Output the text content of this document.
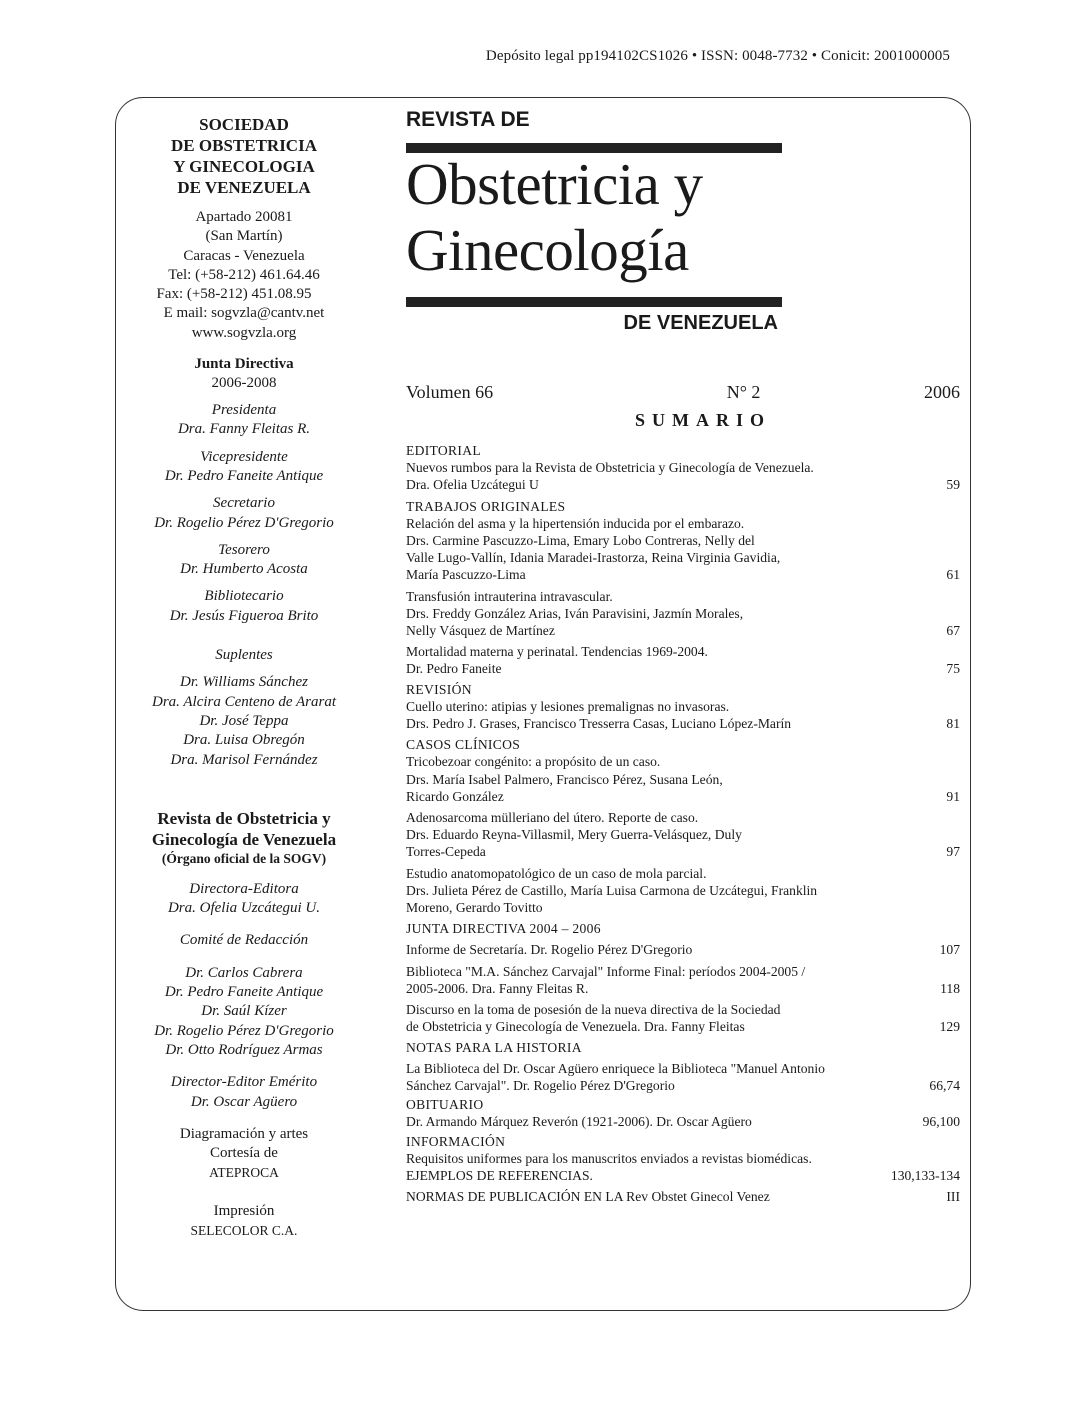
Depósito legal pp194102CS1026 • ISSN: 0048-7732 • Conicit: 2001000005
SOCIEDAD
DE OBSTETRICIA
Y GINECOLOGIA
DE VENEZUELA
Apartado 20081
(San Martín)
Caracas - Venezuela
Tel: (+58-212) 461.64.46
Fax: (+58-212) 451.08.95
E mail: sogvzla@cantv.net
www.sogvzla.org
Junta Directiva
2006-2008
Presidenta
Dra. Fanny Fleitas R.
Vicepresidente
Dr. Pedro Faneite Antique
Secretario
Dr. Rogelio Pérez D'Gregorio
Tesorero
Dr. Humberto Acosta
Bibliotecario
Dr. Jesús Figueroa Brito
Suplentes
Dr. Williams Sánchez
Dra. Alcira Centeno de Ararat
Dr. José Teppa
Dra. Luisa Obregón
Dra. Marisol Fernández
Revista de Obstetricia y
Ginecología de Venezuela
(Órgano oficial de la SOGV)
Directora-Editora
Dra. Ofelia Uzcátegui U.
Comité de Redacción
Dr. Carlos Cabrera
Dr. Pedro Faneite Antique
Dr. Saúl Kízer
Dr. Rogelio Pérez D'Gregorio
Dr. Otto Rodríguez Armas
Director-Editor Emérito
Dr. Oscar Agüero
Diagramación y artes
Cortesía de
ATEPROCA
Impresión
SELECOLOR C.A.
REVISTA DE
Obstetricia y
Ginecología
DE VENEZUELA
Volumen 66	N° 2	2006
SUMARIO
EDITORIAL
Nuevos rumbos para la Revista de Obstetricia y Ginecología de Venezuela.
Dra. Ofelia Uzcátegui U	59
TRABAJOS ORIGINALES
Relación del asma y la hipertensión inducida por el embarazo.
Drs. Carmine Pascuzzo-Lima, Emary Lobo Contreras, Nelly del
Valle Lugo-Vallín, Idania Maradei-Irastorza, Reina Virginia Gavidia,
María Pascuzzo-Lima	61
Transfusión intrauterina intravascular.
Drs. Freddy González Arias, Iván Paravisini, Jazmín Morales,
Nelly Vásquez de Martínez	67
Mortalidad materna y perinatal. Tendencias 1969-2004.
Dr. Pedro Faneite	75
REVISIÓN
Cuello uterino: atipias y lesiones premalignas no invasoras.
Drs. Pedro J. Grases, Francisco Tresserra Casas, Luciano López-Marín	81
CASOS CLÍNICOS
Tricobezoar congénito: a propósito de un caso.
Drs. María Isabel Palmero, Francisco Pérez, Susana León,
Ricardo González	91
Adenosarcoma mülleriano del útero. Reporte de caso.
Drs. Eduardo Reyna-Villasmil, Mery Guerra-Velásquez, Duly
Torres-Cepeda	97
Estudio anatomopatológico de un caso de mola parcial.
Drs. Julieta Pérez de Castillo, María Luisa Carmona de Uzcátegui, Franklin
Moreno, Gerardo Tovitto
JUNTA DIRECTIVA 2004 – 2006
Informe de Secretaría. Dr. Rogelio Pérez D'Gregorio	107
Biblioteca "M.A. Sánchez Carvajal" Informe Final: períodos 2004-2005 /
2005-2006. Dra. Fanny Fleitas R.	118
Discurso en la toma de posesión de la nueva directiva de la Sociedad
de Obstetricia y Ginecología de Venezuela. Dra. Fanny Fleitas	129
NOTAS PARA LA HISTORIA
La Biblioteca del Dr. Oscar Agüero enriquece la Biblioteca "Manuel Antonio
Sánchez Carvajal". Dr. Rogelio Pérez D'Gregorio	66,74
OBITUARIO
Dr. Armando Márquez Reverón (1921-2006). Dr. Oscar Agüero	96,100
INFORMACIÓN
Requisitos uniformes para los manuscritos enviados a revistas biomédicas.
EJEMPLOS DE REFERENCIAS.	130,133-134
NORMAS DE PUBLICACIÓN EN LA Rev Obstet Ginecol Venez	III
